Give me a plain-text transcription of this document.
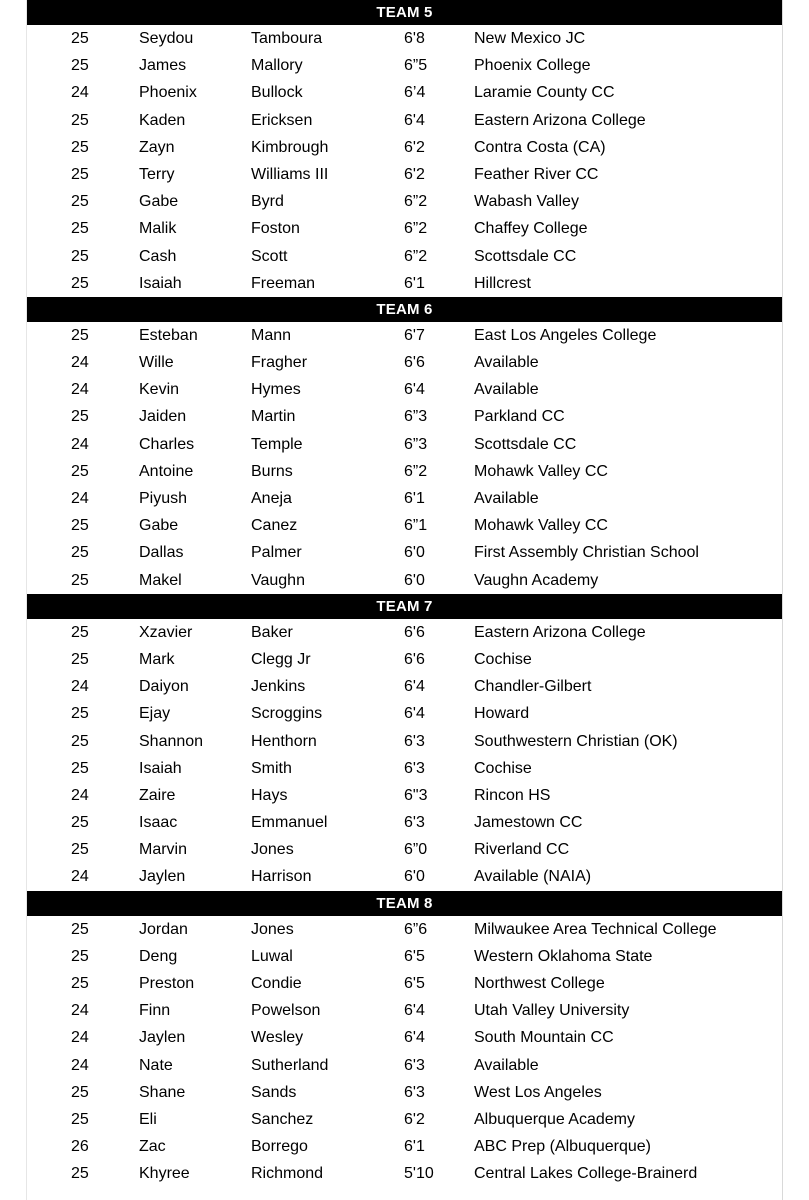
TEAM 5
25	Seydou	Tamboura	6'8	New Mexico JC
25	James	Mallory	6”5	Phoenix College
24	Phoenix	Bullock	6’4	Laramie County CC
25	Kaden	Ericksen	6'4	Eastern Arizona College
25	Zayn	Kimbrough	6'2	Contra Costa (CA)
25	Terry	Williams III	6'2	Feather River CC
25	Gabe	Byrd	6”2	Wabash Valley
25	Malik	Foston	6”2	Chaffey College
25	Cash	Scott	6”2	Scottsdale CC
25	Isaiah	Freeman	6'1	Hillcrest
TEAM 6
25	Esteban	Mann	6'7	East Los Angeles College
24	Wille	Fragher	6'6	Available
24	Kevin	Hymes	6'4	Available
25	Jaiden	Martin	6”3	Parkland CC
24	Charles	Temple	6”3	Scottsdale CC
25	Antoine	Burns	6”2	Mohawk Valley CC
24	Piyush	Aneja	6'1	Available
25	Gabe	Canez	6”1	Mohawk Valley CC
25	Dallas	Palmer	6'0	First Assembly Christian School
25	Makel	Vaughn	6'0	Vaughn Academy
TEAM 7
25	Xzavier	Baker	6'6	Eastern Arizona College
25	Mark	Clegg Jr	6'6	Cochise
24	Daiyon	Jenkins	6'4	Chandler-Gilbert
25	Ejay	Scroggins	6'4	Howard
25	Shannon	Henthorn	6'3	Southwestern Christian (OK)
25	Isaiah	Smith	6'3	Cochise
24	Zaire	Hays	6"3	Rincon HS
25	Isaac	Emmanuel	6'3	Jamestown CC
25	Marvin	Jones	6”0	Riverland CC
24	Jaylen	Harrison	6'0	Available (NAIA)
TEAM 8
25	Jordan	Jones	6”6	Milwaukee Area Technical College
25	Deng	Luwal	6'5	Western Oklahoma State
25	Preston	Condie	6'5	Northwest College
24	Finn	Powelson	6'4	Utah Valley University
24	Jaylen	Wesley	6'4	South Mountain CC
24	Nate	Sutherland	6'3	Available
25	Shane	Sands	6'3	West Los Angeles
25	Eli	Sanchez	6'2	Albuquerque Academy
26	Zac	Borrego	6'1	ABC Prep (Albuquerque)
25	Khyree	Richmond	5'10	Central Lakes College-Brainerd
